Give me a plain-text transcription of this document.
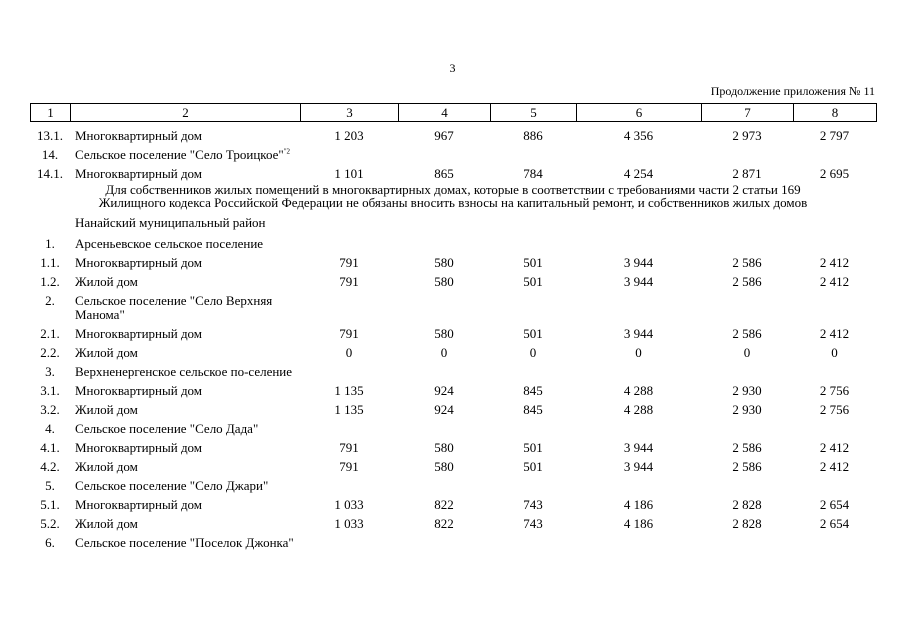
3
Продолжение приложения № 11
1	2	3	4	5	6	7	8
13.1. Многоквартирный дом	1 203	967	886	4 356	2 973	2 797
14.	Сельское поселение "Село Троицкое"$^{"2}$
14.1. Многоквартирный дом	1 101	865	784	4 254	2 871	2 695
Для собственников жилых помещений в многоквартирных домах, которые в соответствии с требованиями части 2 статьи 169
Жилищного кодекса Российской Федерации не обязаны вносить взносы на капитальный ремонт, и собственников жилых домов
Нанайский муниципальный район
1.	Арсеньевское сельское поселение
1.1.	Многоквартирный дом	791	580	501	3 944	2 586	2 412
1.2.	Жилой дом	791	580	501	3 944	2 586	2 412
2.	Сельское поселение "Село Верхняя Манома"
2.1.	Многоквартирный дом	791	580	501	3 944	2 586	2 412
2.2.	Жилой дом	0	0	0	0	0	0
3.	Верхненергенское сельское по-селение
3.1.	Многоквартирный дом	1 135	924	845	4 288	2 930	2 756
3.2.	Жилой дом	1 135	924	845	4 288	2 930	2 756
4.	Сельское поселение "Село Дада"
4.1.	Многоквартирный дом	791	580	501	3 944	2 586	2 412
4.2.	Жилой дом	791	580	501	3 944	2 586	2 412
5.	Сельское поселение "Село Джари"
5.1.	Многоквартирный дом	1 033	822	743	4 186	2 828	2 654
5.2.	Жилой дом	1 033	822	743	4 186	2 828	2 654
6.	Сельское поселение "Поселок Джонка"
